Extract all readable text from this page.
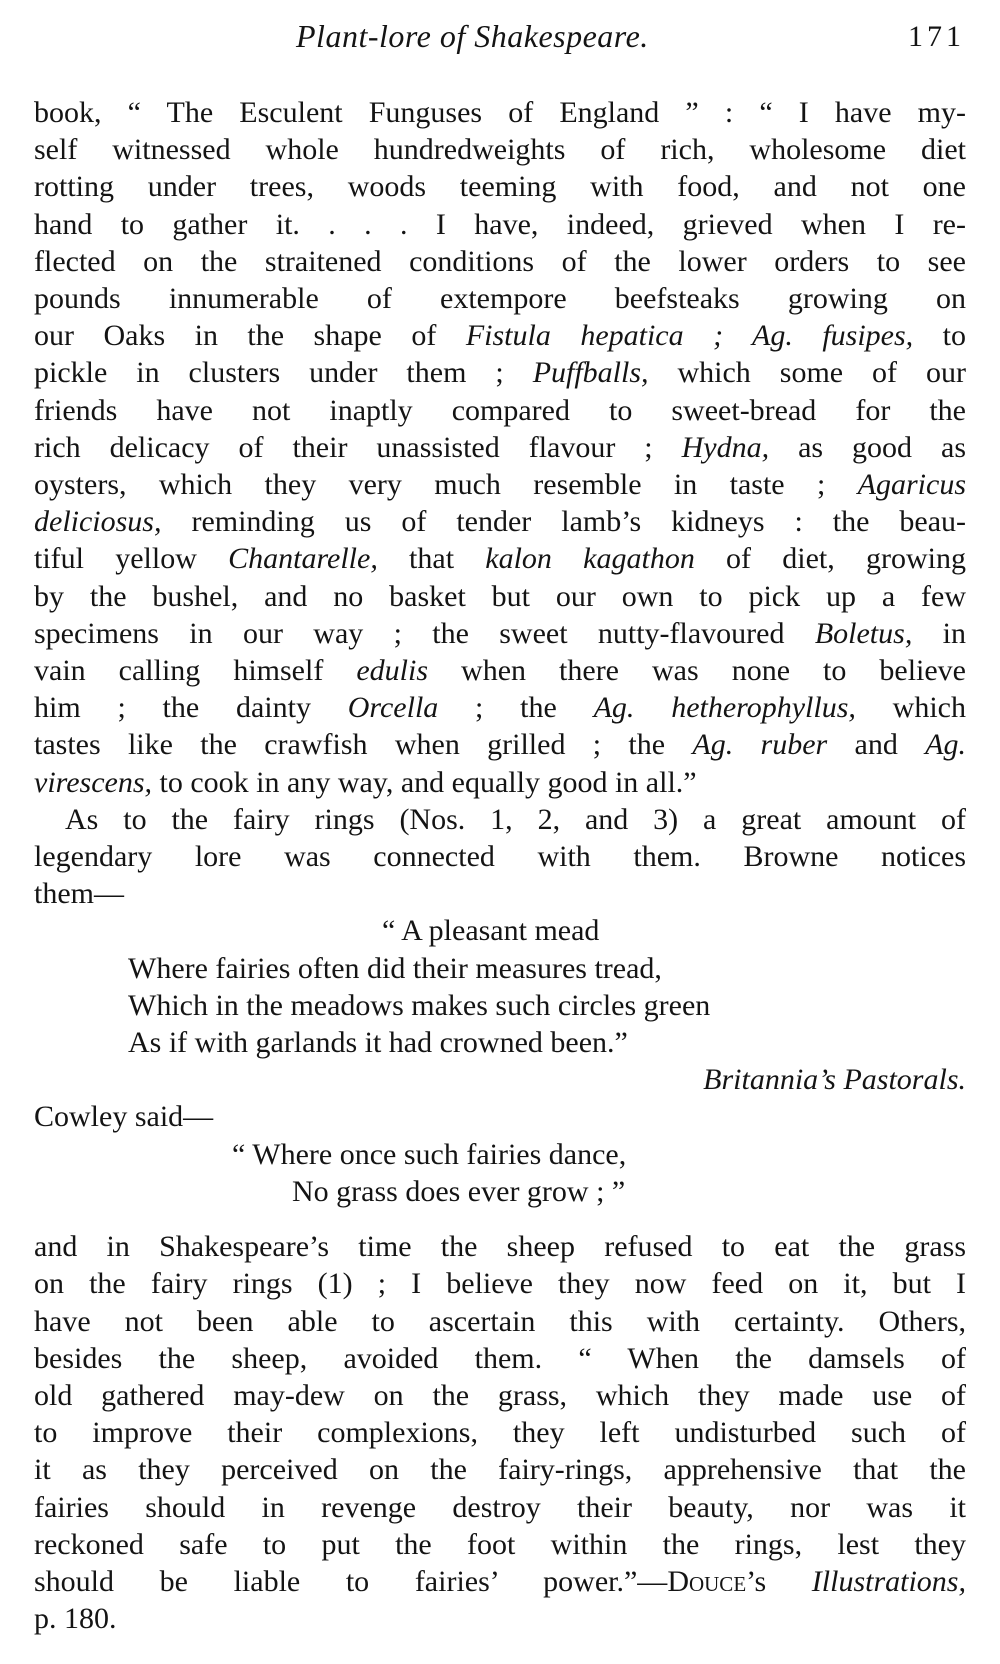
Plant-lore of Shakespeare.	171

book, “ The Esculent Funguses of England ” : “ I have my-
self witnessed whole hundredweights of rich, wholesome diet
rotting under trees, woods teeming with food, and not one
hand to gather it. . . . I have, indeed, grieved when I re-
flected on the straitened conditions of the lower orders to see
pounds innumerable of extempore beefsteaks growing on
our Oaks in the shape of Fistula hepatica ; Ag. fusipes, to
pickle in clusters under them ; Puffballs, which some of our
friends have not inaptly compared to sweet-bread for the
rich delicacy of their unassisted flavour ; Hydna, as good as
oysters, which they very much resemble in taste ; Agaricus
deliciosus, reminding us of tender lamb’s kidneys : the beau-
tiful yellow Chantarelle, that kalon kagathon of diet, growing
by the bushel, and no basket but our own to pick up a few
specimens in our way ; the sweet nutty-flavoured Boletus, in
vain calling himself edulis when there was none to believe
him ; the dainty Orcella ; the Ag. hetherophyllus, which
tastes like the crawfish when grilled ; the Ag. ruber and Ag.
virescens, to cook in any way, and equally good in all.”

As to the fairy rings (Nos. 1, 2, and 3) a great amount of
legendary lore was connected with them. Browne notices
them—

“ A pleasant mead
Where fairies often did their measures tread,
Which in the meadows makes such circles green
As if with garlands it had crowned been.”

Britannia’s Pastorals.

Cowley said—

“ Where once such fairies dance,
No grass does ever grow ; ”

and in Shakespeare’s time the sheep refused to eat the grass
on the fairy rings (1) ; I believe they now feed on it, but I
have not been able to ascertain this with certainty. Others,
besides the sheep, avoided them. “ When the damsels of
old gathered may-dew on the grass, which they made use of
to improve their complexions, they left undisturbed such of
it as they perceived on the fairy-rings, apprehensive that the
fairies should in revenge destroy their beauty, nor was it
reckoned safe to put the foot within the rings, lest they
should be liable to fairies’ power.”—Douce’s Illustrations,
p. 180.
